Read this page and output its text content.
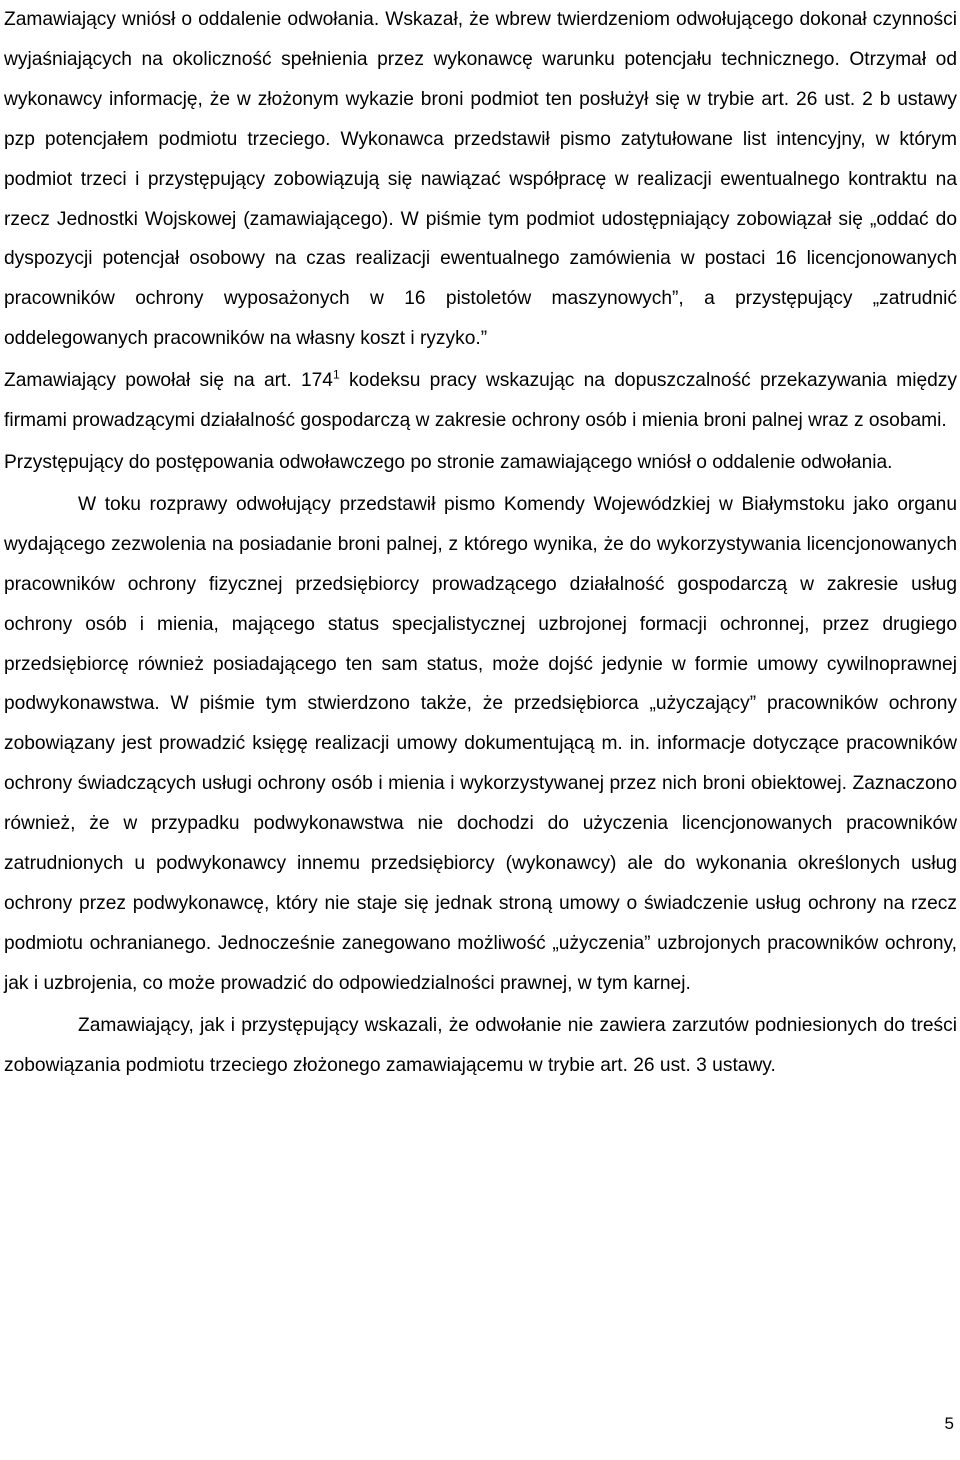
Zamawiający wniósł o oddalenie odwołania. Wskazał, że wbrew twierdzeniom odwołującego dokonał czynności wyjaśniających na okoliczność spełnienia przez wykonawcę warunku potencjału technicznego. Otrzymał od wykonawcy informację, że w złożonym wykazie broni podmiot ten posłużył się w trybie art. 26 ust. 2 b ustawy pzp potencjałem podmiotu trzeciego. Wykonawca przedstawił pismo zatytułowane list intencyjny, w którym podmiot trzeci i przystępujący zobowiązują się nawiązać współpracę w realizacji ewentualnego kontraktu na rzecz Jednostki Wojskowej (zamawiającego). W piśmie tym podmiot udostępniający zobowiązał się „oddać do dyspozycji potencjał osobowy na czas realizacji ewentualnego zamówienia w postaci 16 licencjonowanych pracowników ochrony wyposażonych w 16 pistoletów maszynowych”, a przystępujący „zatrudnić oddelegowanych pracowników na własny koszt i ryzyko.”

Zamawiający powołał się na art. 174$^1$ kodeksu pracy wskazując na dopuszczalność przekazywania między firmami prowadzącymi działalność gospodarczą w zakresie ochrony osób i mienia broni palnej wraz z osobami.

Przystępujący do postępowania odwoławczego po stronie zamawiającego wniósł o oddalenie odwołania.

W toku rozprawy odwołujący przedstawił pismo Komendy Wojewódzkiej w Białymstoku jako organu wydającego zezwolenia na posiadanie broni palnej, z którego wynika, że do wykorzystywania licencjonowanych pracowników ochrony fizycznej przedsiębiorcy prowadzącego działalność gospodarczą w zakresie usług ochrony osób i mienia, mającego status specjalistycznej uzbrojonej formacji ochronnej, przez drugiego przedsiębiorcę również posiadającego ten sam status, może dojść jedynie w formie umowy cywilnoprawnej podwykonawstwa. W piśmie tym stwierdzono także, że przedsiębiorca „użyczający” pracowników ochrony zobowiązany jest prowadzić księgę realizacji umowy dokumentującą m. in. informacje dotyczące pracowników ochrony świadczących usługi ochrony osób i mienia i wykorzystywanej przez nich broni obiektowej. Zaznaczono również, że w przypadku podwykonawstwa nie dochodzi do użyczenia licencjonowanych pracowników zatrudnionych u podwykonawcy innemu przedsiębiorcy (wykonawcy) ale do wykonania określonych usług ochrony przez podwykonawcę, który nie staje się jednak stroną umowy o świadczenie usług ochrony na rzecz podmiotu ochranianego. Jednocześnie zanegowano możliwość „użyczenia” uzbrojonych pracowników ochrony, jak i uzbrojenia, co może prowadzić do odpowiedzialności prawnej, w tym karnej.

Zamawiający, jak i przystępujący wskazali, że odwołanie nie zawiera zarzutów podniesionych do treści zobowiązania podmiotu trzeciego złożonego zamawiającemu w trybie art. 26 ust. 3 ustawy.

5
